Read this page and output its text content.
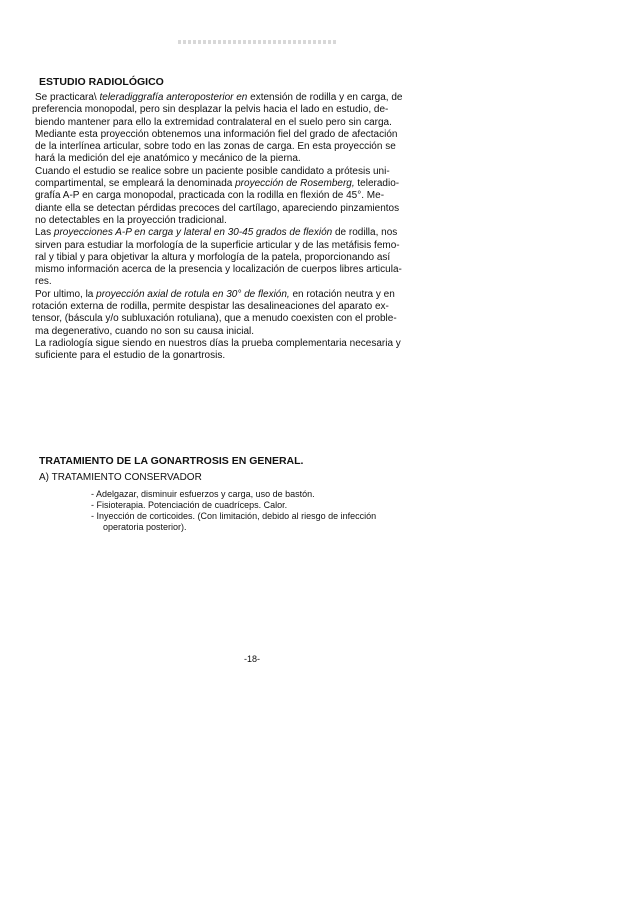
ESTUDIO RADIOLÓGICO
Se practicara\ teleradiggrafía anteroposterior en extensión de rodilla y en carga, de
preferencia monopodal, pero sin desplazar la pelvis hacia el lado en estudio, de-
biendo mantener para ello la extremidad contralateral en el suelo pero sin carga.
Mediante esta proyección obtenemos una información fiel del grado de afectación
de la interlínea articular, sobre todo en las zonas de carga. En esta proyección se
hará la medición del eje anatómico y mecánico de la pierna.
Cuando el estudio se realice sobre un paciente posible candidato a prótesis uni-
compartimental, se empleará la denominada proyección de Rosemberg, teleradio-
grafía A-P en carga monopodal, practicada con la rodilla en flexión de 45°. Me-
diante ella se detectan pérdidas precoces del cartílago, apareciendo pinzamientos
no detectables en la proyección tradicional.
Las proyecciones A-P en carga y lateral en 30-45 grados de flexión de rodilla, nos
sirven para estudiar la morfología de la superficie articular y de las metáfisis femo-
ral y tibial y para objetivar la altura y morfología de la patela, proporcionando así
mismo información acerca de la presencia y localización de cuerpos libres articula-
res.
Por ultimo, la proyección axial de rotula en 30° de flexión, en rotación neutra y en
rotación externa de rodilla, permite despistar las desalineaciones del aparato ex-
tensor, (báscula y/o subluxación rotuliana), que a menudo coexisten con el proble-
ma degenerativo, cuando no son su causa inicial.
La radiología sigue siendo en nuestros días la prueba complementaria necesaria y
suficiente para el estudio de la gonartrosis.
TRATAMIENTO DE LA GONARTROSIS EN GENERAL.
A) TRATAMIENTO CONSERVADOR
- Adelgazar, disminuir esfuerzos y carga, uso de bastón.
- Fisioterapia. Potenciación de cuadríceps. Calor.
- Inyección de corticoides. (Con limitación, debido al riesgo de infección
operatoria posterior).
-18-
